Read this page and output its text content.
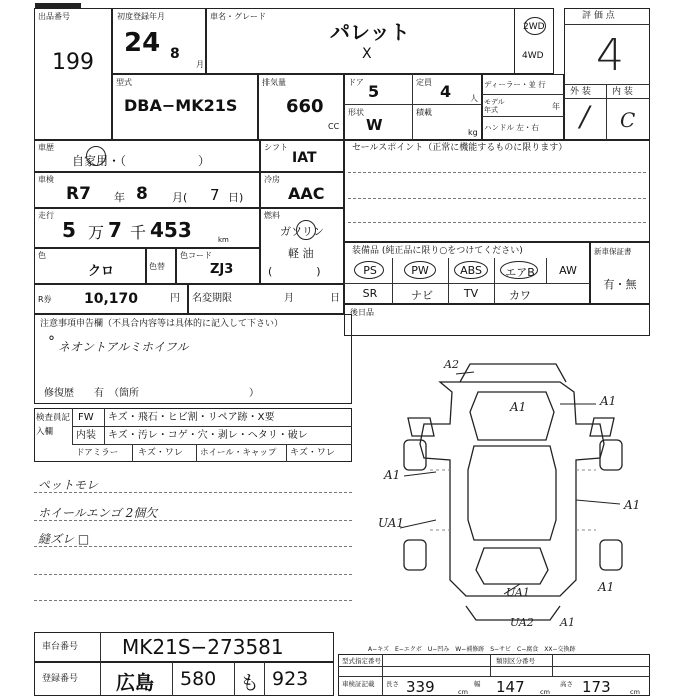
出品番号
199
初度登録年月
24 8
月
車名・グレード
パレット
X
2WD
4WD
評 価 点
4
外 装 内 装
/ C
型式
DBA−MK21S
排気量
660
CC
ドア 5	定員 4 人
形状
W
積載
kg
ディーラー・並 行
モデル年式	年
ハンドル 左・右
車歴
自家用・（　　　　　　）
シフト
IAT
セールスポイント（正常に機能するものに限ります）
車検
R7 年 8 月( 7 日)
冷房
AAC
走行
5 万 7 千 453	km
燃料
ガソリン
軽 油
(　　　　)
色
クロ	色替
色コード
ZJ3
装備品 (純正品に限り○をつけてください)
PS	PW	ABS	エアB	AW
SR	ナビ	TV	カワ
新車保証書
有・無
R券 10,170	円 名変期限	月	日
後日品
注意事項申告欄（不具合内容等は具体的に記入して下さい）
ネオントアルミホイフル
°
修復歴　　有　（箇所　　　　　　　　　　　）
検査員記入欄
FW キズ・飛石・ヒビ割・リペア跡・X要
内装 キズ・汚レ・コゲ・穴・剥レ・ヘタリ・破レ
ドアミラー キズ・ワレ ホイール・キャップ キズ・ワレ
ペットモレ
ホイールエンゴ 2個欠
縫ズレ □
A2
A1	A1
A1
A1
UA1
A1
UA1
UA2 A1
車台番号 MK21S−273581
登録番号 広島 580 も 923
A−キズ　E−エクボ　U−凹み　W−補修跡　S−サビ　C−腐食　XX−交換跡
型式指定番号	類別区分番号
車検証記載 長さ 339	cm
幅 147 cm
高さ 173	cm
